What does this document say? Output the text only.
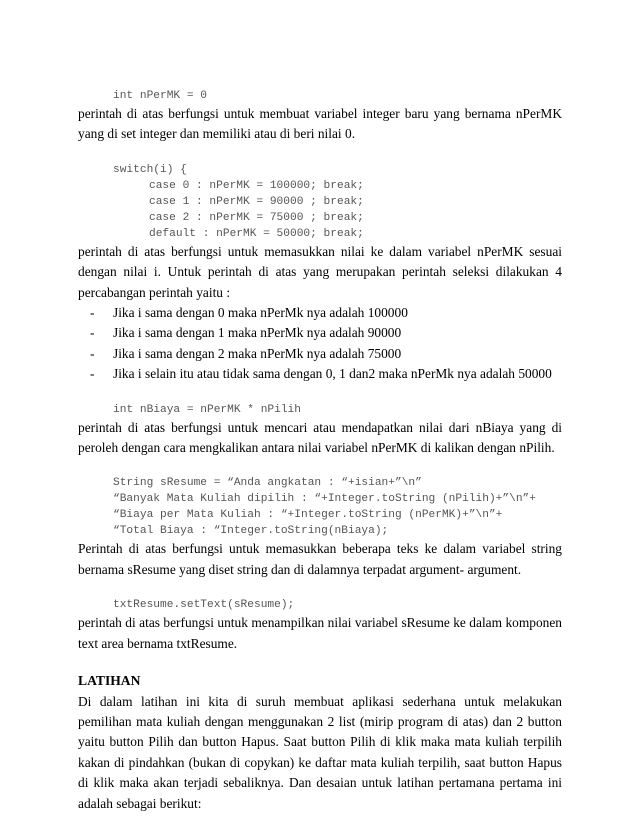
int nPerMK = 0

perintah di atas berfungsi untuk membuat variabel integer baru yang bernama nPerMK yang di set integer dan memiliki atau di beri nilai 0.

switch(i) {

case 0 : nPerMK = 100000; break;
case 1 : nPerMK = 90000 ; break;
case 2 : nPerMK = 75000 ; break;
default : nPerMK = 50000; break;

perintah di atas berfungsi untuk memasukkan nilai ke dalam variabel nPerMK sesuai dengan nilai i. Untuk perintah di atas yang merupakan perintah seleksi dilakukan 4 percabangan perintah yaitu :

- Jika i sama dengan 0 maka nPerMk nya adalah 100000
- Jika i sama dengan 1 maka nPerMk nya adalah 90000
- Jika i sama dengan 2 maka nPerMk nya adalah 75000
- Jika i selain itu atau tidak sama dengan 0, 1 dan2 maka nPerMk nya adalah 50000
int nBiaya = nPerMK * nPilih

perintah di atas berfungsi untuk mencari atau mendapatkan nilai dari nBiaya yang di peroleh dengan cara mengkalikan antara nilai variabel nPerMK di kalikan dengan nPilih.

String sResume = “Anda angkatan : “+isian+”\n”
“Banyak Mata Kuliah dipilih : “+Integer.toString (nPilih)+”\n”+
“Biaya per Mata Kuliah : “+Integer.toString (nPerMK)+”\n”+
“Total Biaya : “Integer.toString(nBiaya);

Perintah di atas berfungsi untuk memasukkan beberapa teks ke dalam variabel string bernama sResume yang diset string dan di dalamnya terpadat argument- argument.

txtResume.setText(sResume);

perintah di atas berfungsi untuk menampilkan nilai variabel sResume ke dalam komponen text area bernama txtResume.

LATIHAN

Di dalam latihan ini kita di suruh membuat aplikasi sederhana untuk melakukan pemilihan mata kuliah dengan menggunakan 2 list (mirip program di atas) dan 2 button yaitu button Pilih dan button Hapus. Saat button Pilih di klik maka mata kuliah terpilih kakan di pindahkan (bukan di copykan) ke daftar mata kuliah terpilih, saat button Hapus di klik maka akan terjadi sebaliknya. Dan desaian untuk latihan pertamana pertama ini adalah sebagai berikut:
